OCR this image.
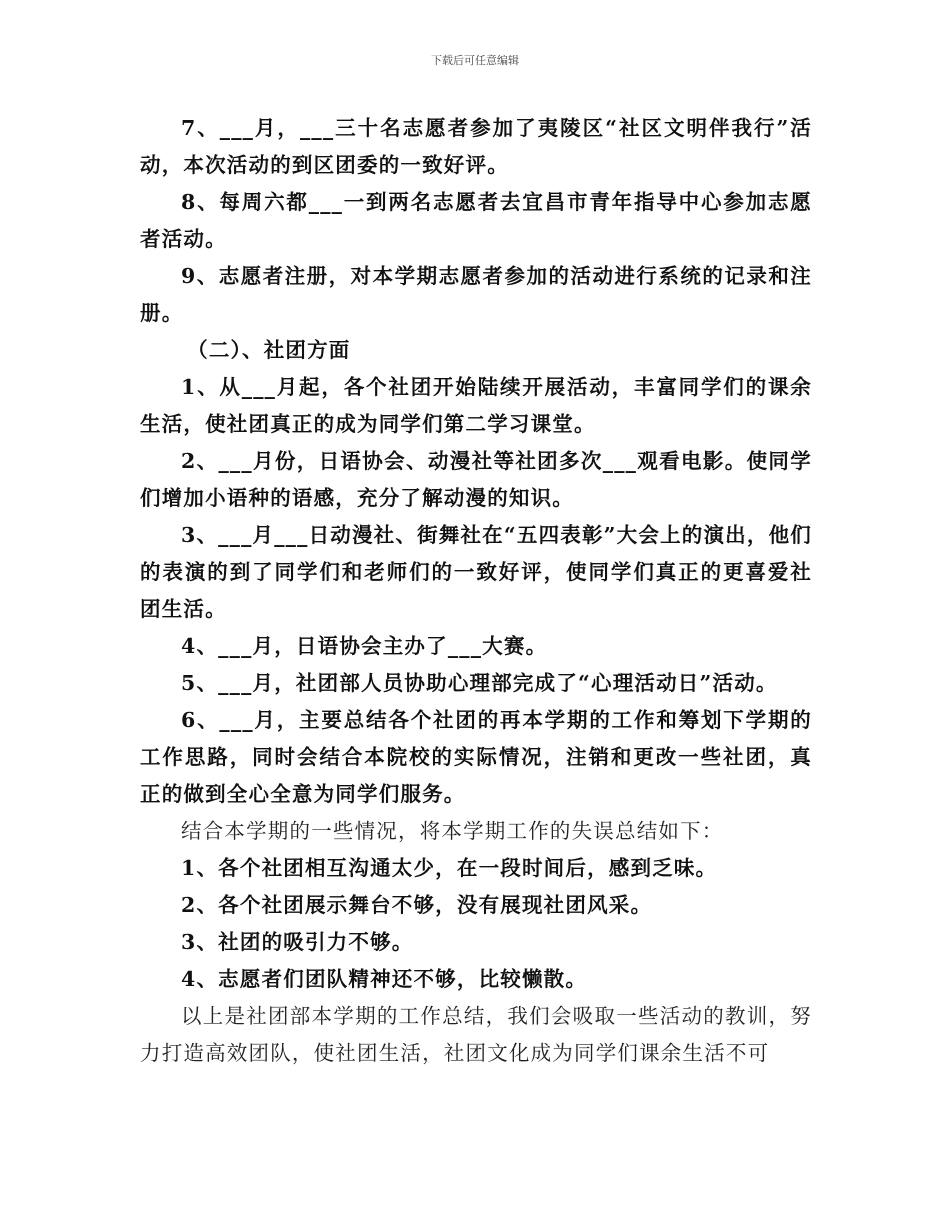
下载后可任意编辑

7、___月，___三十名志愿者参加了夷陵区“社区文明伴我行”活动，本次活动的到区团委的一致好评。

8、每周六都___一到两名志愿者去宜昌市青年指导中心参加志愿者活动。

9、志愿者注册，对本学期志愿者参加的活动进行系统的记录和注册。

（二）、社团方面

1、从___月起，各个社团开始陆续开展活动，丰富同学们的课余生活，使社团真正的成为同学们第二学习课堂。

2、___月份，日语协会、动漫社等社团多次___观看电影。使同学们增加小语种的语感，充分了解动漫的知识。

3、___月___日动漫社、街舞社在“五四表彰”大会上的演出，他们的表演的到了同学们和老师们的一致好评，使同学们真正的更喜爱社团生活。

4、___月，日语协会主办了___大赛。

5、___月，社团部人员协助心理部完成了“心理活动日”活动。

6、___月，主要总结各个社团的再本学期的工作和筹划下学期的工作思路，同时会结合本院校的实际情况，注销和更改一些社团，真正的做到全心全意为同学们服务。

结合本学期的一些情况，将本学期工作的失误总结如下：

1、各个社团相互沟通太少，在一段时间后，感到乏味。

2、各个社团展示舞台不够，没有展现社团风采。

3、社团的吸引力不够。

4、志愿者们团队精神还不够，比较懒散。

以上是社团部本学期的工作总结，我们会吸取一些活动的教训，努力打造高效团队，使社团生活，社团文化成为同学们课余生活不可
